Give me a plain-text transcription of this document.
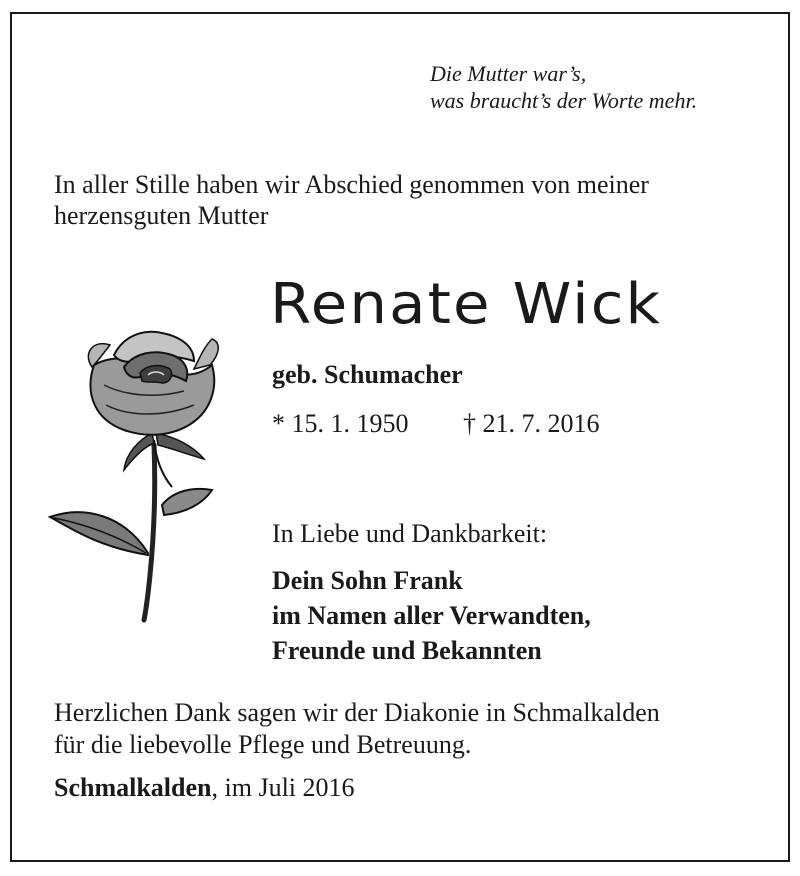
Die Mutter war’s,
was braucht’s der Worte mehr.
In aller Stille haben wir Abschied genommen von meiner herzensguten Mutter
Renate Wick
geb. Schumacher
* 15. 1. 1950 † 21. 7. 2016
In Liebe und Dankbarkeit:
Dein Sohn Frank
im Namen aller Verwandten,
Freunde und Bekannten
Herzlichen Dank sagen wir der Diakonie in Schmalkalden
für die liebevolle Pflege und Betreuung.
Schmalkalden, im Juli 2016
